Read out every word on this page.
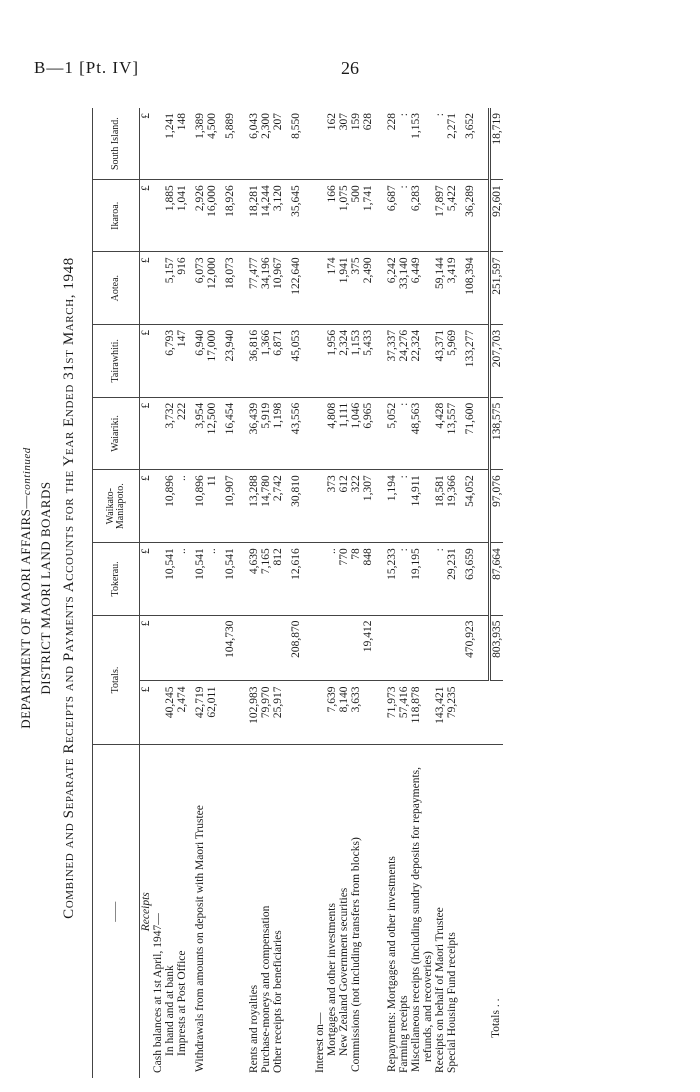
B—1 [Pt. IV]	26
DEPARTMENT OF MAORI AFFAIRS—continued
DISTRICT MAORI LAND BOARDS Combined and Separate Receipts and Payments Accounts for the Year Ended 31st March, 1948	——	Totals.		Tokerau.	Waikato-Maniapoto.	Waiariki.	Tairawhiti.	Aotea.	Ikaroa.	South Island.
Receipts	£	£	£	£	£	£	£	£	£
Cash balances at 1st April, 1947—									
In hand and at bank	40,245		10,541	10,896	3,732	6,793	5,157	1,885	1,241
Imprests at Post Office	2,474		..	..	222	147	916	1,041	148

Withdrawals from amounts on deposit with Maori Trustee	42,719		10,541	10,896	3,954	6,940	6,073	2,926	1,389
	62,011		..	11	12,500	17,000	12,000	16,000	4,500

		104,730	10,541	10,907	16,454	23,940	18,073	18,926	5,889

Rents and royalties	102,983		4,639	13,288	36,439	36,816	77,477	18,281	6,043
Purchase-moneys and compensation	79,970		7,165	14,780	5,919	1,366	34,196	14,244	2,300
Other receipts for beneficiaries	25,917		812	2,742	1,198	6,871	10,967	3,120	207

		208,870	12,616	30,810	43,556	45,053	122,640	35,645	8,550

Interest on—									
Mortgages and other investments	7,639		..	373	4,808	1,956	174	166	162
New Zealand Government securities	8,140		770	612	1,111	2,324	1,941	1,075	307
Commissions (not including transfers from blocks)	3,633		78	322	1,046	1,153	375	500	159
		19,412	848	1,307	6,965	5,433	2,490	1,741	628

Repayments: Mortgages and other investments	71,973		15,233	1,194	5,052	37,337	6,242	6,687	228
Farming receipts	57,416		:	:	:	24,276	33,140	:	:
Miscellaneous receipts (including sundry deposits for repayments, refunds, and recoveries)	118,878		19,195	14,911	48,563	22,324	6,449	6,283	1,153
Receipts on behalf of Maori Trustee	143,421		:	18,581	4,428	43,371	59,144	17,897	:
Special Housing Fund receipts	79,235		29,231	19,366	13,557	5,969	3,419	5,422	2,271

		470,923	63,659	54,052	71,600	133,277	108,394	36,289	3,652

Totals . .		803,935	87,664	97,076	138,575	207,703	251,597	92,601	18,719
